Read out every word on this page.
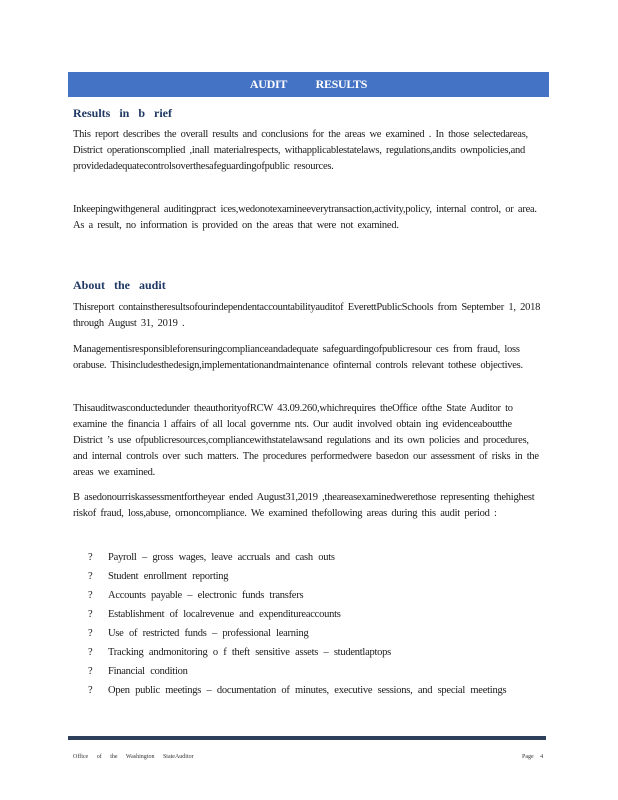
AUDIT RESULTS
Results in b rief
This report describes the overall results and conclusions for the areas we examined . In those selectedareas, District operationscomplied ,inall materialrespects, withapplicablestatelaws, regulations,andits ownpolicies,and providedadequatecontrolsoverthesafeguardingofpublic resources.
Inkeepingwithgeneral auditingpract ices,wedonotexamineeverytransaction,activity,policy, internal control, or area. As a result, no information is provided on the areas that were not examined.
About the audit
Thisreport containstheresultsofourindependentaccountabilityauditof EverettPublicSchools from September 1, 2018 through August 31, 2019 .
Managementisresponsibleforensuringcomplianceandadequate safeguardingofpublicresour ces from fraud, loss orabuse. Thisincludesthedesign,implementationandmaintenance ofinternal controls relevant tothese objectives.
Thisauditwasconductedunder theauthorityofRCW 43.09.260,whichrequires theOffice ofthe State Auditor to examine the financia l affairs of all local governme nts. Our audit involved obtain ing evidenceaboutthe District ’s use ofpublicresources,compliancewithstatelawsand regulations and its own policies and procedures, and internal controls over such matters. The procedures performedwere basedon our assessment of risks in the areas we examined.
B asedonourriskassessmentfortheyear ended August31,2019 ,theareasexaminedwerethose representing thehighest riskof fraud, loss,abuse, ornoncompliance. We examined thefollowing areas during this audit period :
?	Payroll – gross wages, leave accruals and cash outs
?	Student enrollment reporting
?	Accounts payable – electronic funds transfers
?	Establishment of localrevenue and expenditureaccounts
?	Use of restricted funds – professional learning
?	Tracking andmonitoring o f theft sensitive assets – studentlaptops
?	Financial condition
?	Open public meetings – documentation of minutes, executive sessions, and special meetings
Office of the Washington StateAuditor	Page 4
